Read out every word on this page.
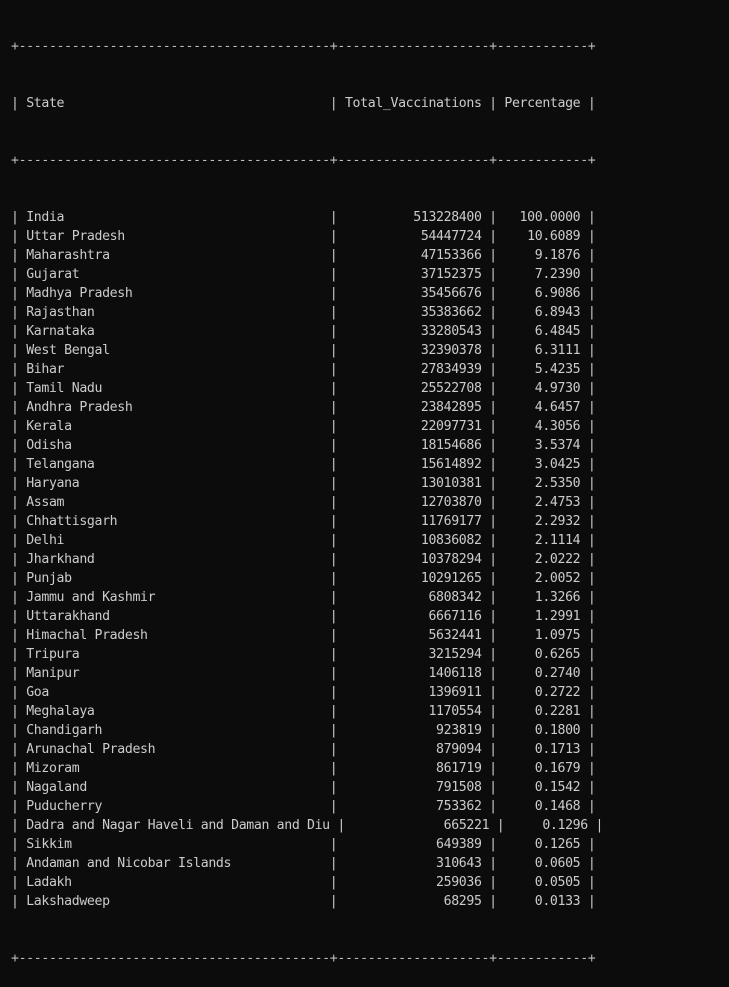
+-----------------------------------------+--------------------+------------+

| State                                   | Total_Vaccinations | Percentage |

+-----------------------------------------+--------------------+------------+

| India                                   |          513228400 |   100.0000 |
| Uttar Pradesh                           |           54447724 |    10.6089 |
| Maharashtra                             |           47153366 |     9.1876 |
| Gujarat                                 |           37152375 |     7.2390 |
| Madhya Pradesh                          |           35456676 |     6.9086 |
| Rajasthan                               |           35383662 |     6.8943 |
| Karnataka                               |           33280543 |     6.4845 |
| West Bengal                             |           32390378 |     6.3111 |
| Bihar                                   |           27834939 |     5.4235 |
| Tamil Nadu                              |           25522708 |     4.9730 |
| Andhra Pradesh                          |           23842895 |     4.6457 |
| Kerala                                  |           22097731 |     4.3056 |
| Odisha                                  |           18154686 |     3.5374 |
| Telangana                               |           15614892 |     3.0425 |
| Haryana                                 |           13010381 |     2.5350 |
| Assam                                   |           12703870 |     2.4753 |
| Chhattisgarh                            |           11769177 |     2.2932 |
| Delhi                                   |           10836082 |     2.1114 |
| Jharkhand                               |           10378294 |     2.0222 |
| Punjab                                  |           10291265 |     2.0052 |
| Jammu and Kashmir                       |            6808342 |     1.3266 |
| Uttarakhand                             |            6667116 |     1.2991 |
| Himachal Pradesh                        |            5632441 |     1.0975 |
| Tripura                                 |            3215294 |     0.6265 |
| Manipur                                 |            1406118 |     0.2740 |
| Goa                                     |            1396911 |     0.2722 |
| Meghalaya                               |            1170554 |     0.2281 |
| Chandigarh                              |             923819 |     0.1800 |
| Arunachal Pradesh                       |             879094 |     0.1713 |
| Mizoram                                 |             861719 |     0.1679 |
| Nagaland                                |             791508 |     0.1542 |
| Puducherry                              |             753362 |     0.1468 |
| Dadra and Nagar Haveli and Daman and Diu |             665221 |     0.1296 |
| Sikkim                                  |             649389 |     0.1265 |
| Andaman and Nicobar Islands             |             310643 |     0.0605 |
| Ladakh                                  |             259036 |     0.0505 |
| Lakshadweep                             |              68295 |     0.0133 |

+-----------------------------------------+--------------------+------------+
